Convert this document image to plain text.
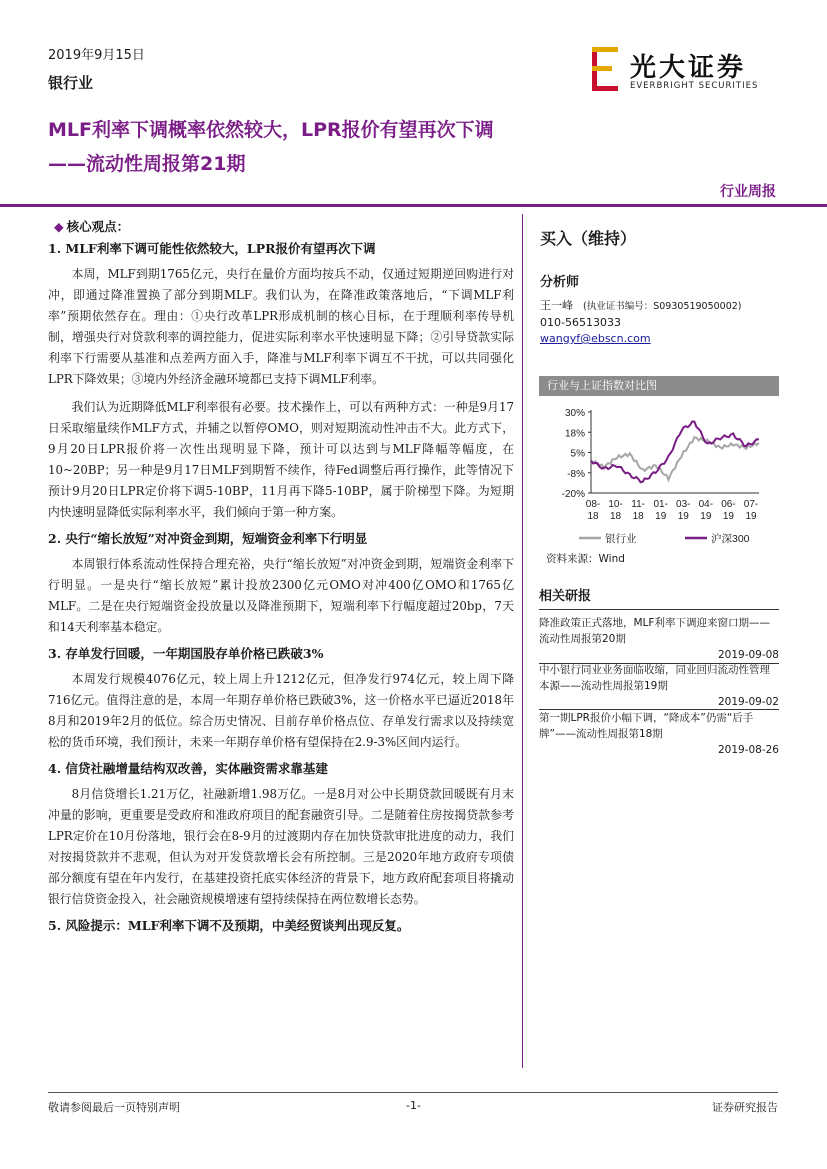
2019年9月15日
银行业	光大证券
EVERBRIGHT SECURITIES
MLF利率下调概率依然较大，LPR报价有望再次下调
——流动性周报第21期
行业周报
◆ 核心观点：
1. MLF利率下调可能性依然较大，LPR报价有望再次下调
本周，MLF到期1765亿元，央行在量价方面均按兵不动，仅通过短期逆回购进行对冲，即通过降准置换了部分到期MLF。我们认为，在降准政策落地后，“下调MLF利率”预期依然存在。理由：①央行改革LPR形成机制的核心目标，在于理顺利率传导机制，增强央行对贷款利率的调控能力，促进实际利率水平快速明显下降；②引导贷款实际利率下行需要从基准和点差两方面入手，降准与MLF利率下调互不干扰，可以共同强化LPR下降效果；③境内外经济金融环境都已支持下调MLF利率。
我们认为近期降低MLF利率很有必要。技术操作上，可以有两种方式：一种是9月17日采取缩量续作MLF方式，并辅之以暂停OMO，则对短期流动性冲击不大。此方式下，9月20日LPR报价将一次性出现明显下降，预计可以达到与MLF降幅等幅度，在10~20BP；另一种是9月17日MLF到期暂不续作，待Fed调整后再行操作，此等情况下预计9月20日LPR定价将下调5-10BP，11月再下降5-10BP，属于阶梯型下降。为短期内快速明显降低实际利率水平，我们倾向于第一种方案。
2. 央行“缩长放短”对冲资金到期，短端资金利率下行明显
本周银行体系流动性保持合理充裕，央行“缩长放短”对冲资金到期，短端资金利率下行明显。一是央行“缩长放短”累计投放2300亿元OMO对冲400亿OMO和1765亿MLF。二是在央行短端资金投放量以及降准预期下，短端利率下行幅度超过20bp，7天和14天利率基本稳定。
3. 存单发行回暖，一年期国股存单价格已跌破3%
本周发行规模4076亿元，较上周上升1212亿元，但净发行974亿元，较上周下降716亿元。值得注意的是，本周一年期存单价格已跌破3%，这一价格水平已逼近2018年8月和2019年2月的低位。综合历史情况、目前存单价格点位、存单发行需求以及持续宽松的货币环境，我们预计，未来一年期存单价格有望保持在2.9-3%区间内运行。
4. 信贷社融增量结构双改善，实体融资需求靠基建
8月信贷增长1.21万亿，社融新增1.98万亿。一是8月对公中长期贷款回暖既有月末冲量的影响，更重要是受政府和准政府项目的配套融资引导。二是随着住房按揭贷款参考LPR定价在10月份落地，银行会在8-9月的过渡期内存在加快贷款审批进度的动力，我们对按揭贷款并不悲观，但认为对开发贷款增长会有所控制。三是2020年地方政府专项债部分额度有望在年内发行，在基建投资托底实体经济的背景下，地方政府配套项目将撬动银行信贷资金投入，社会融资规模增速有望持续保持在两位数增长态势。
5. 风险提示：MLF利率下调不及预期，中美经贸谈判出现反复。
买入（维持）
分析师
王一峰 (执业证书编号：S0930519050002)
010-56513033
wangyf@ebscn.com
行业与上证指数对比图
30%
18%
5%
-8%
-20%
08-18
10-18
11-18
01-19
03-19
04-19
06-19
07-19
银行业	沪深300
资料来源：Wind
相关研报
降准政策正式落地，MLF利率下调迎来窗口期——流动性周报第20期
2019-09-08
中小银行同业业务面临收缩，同业回归流动性管理本源——流动性周报第19期
2019-09-02
第一期LPR报价小幅下调，“降成本”仍需“后手牌”——流动性周报第18期
2019-08-26
敬请参阅最后一页特别声明	-1-	证券研究报告
